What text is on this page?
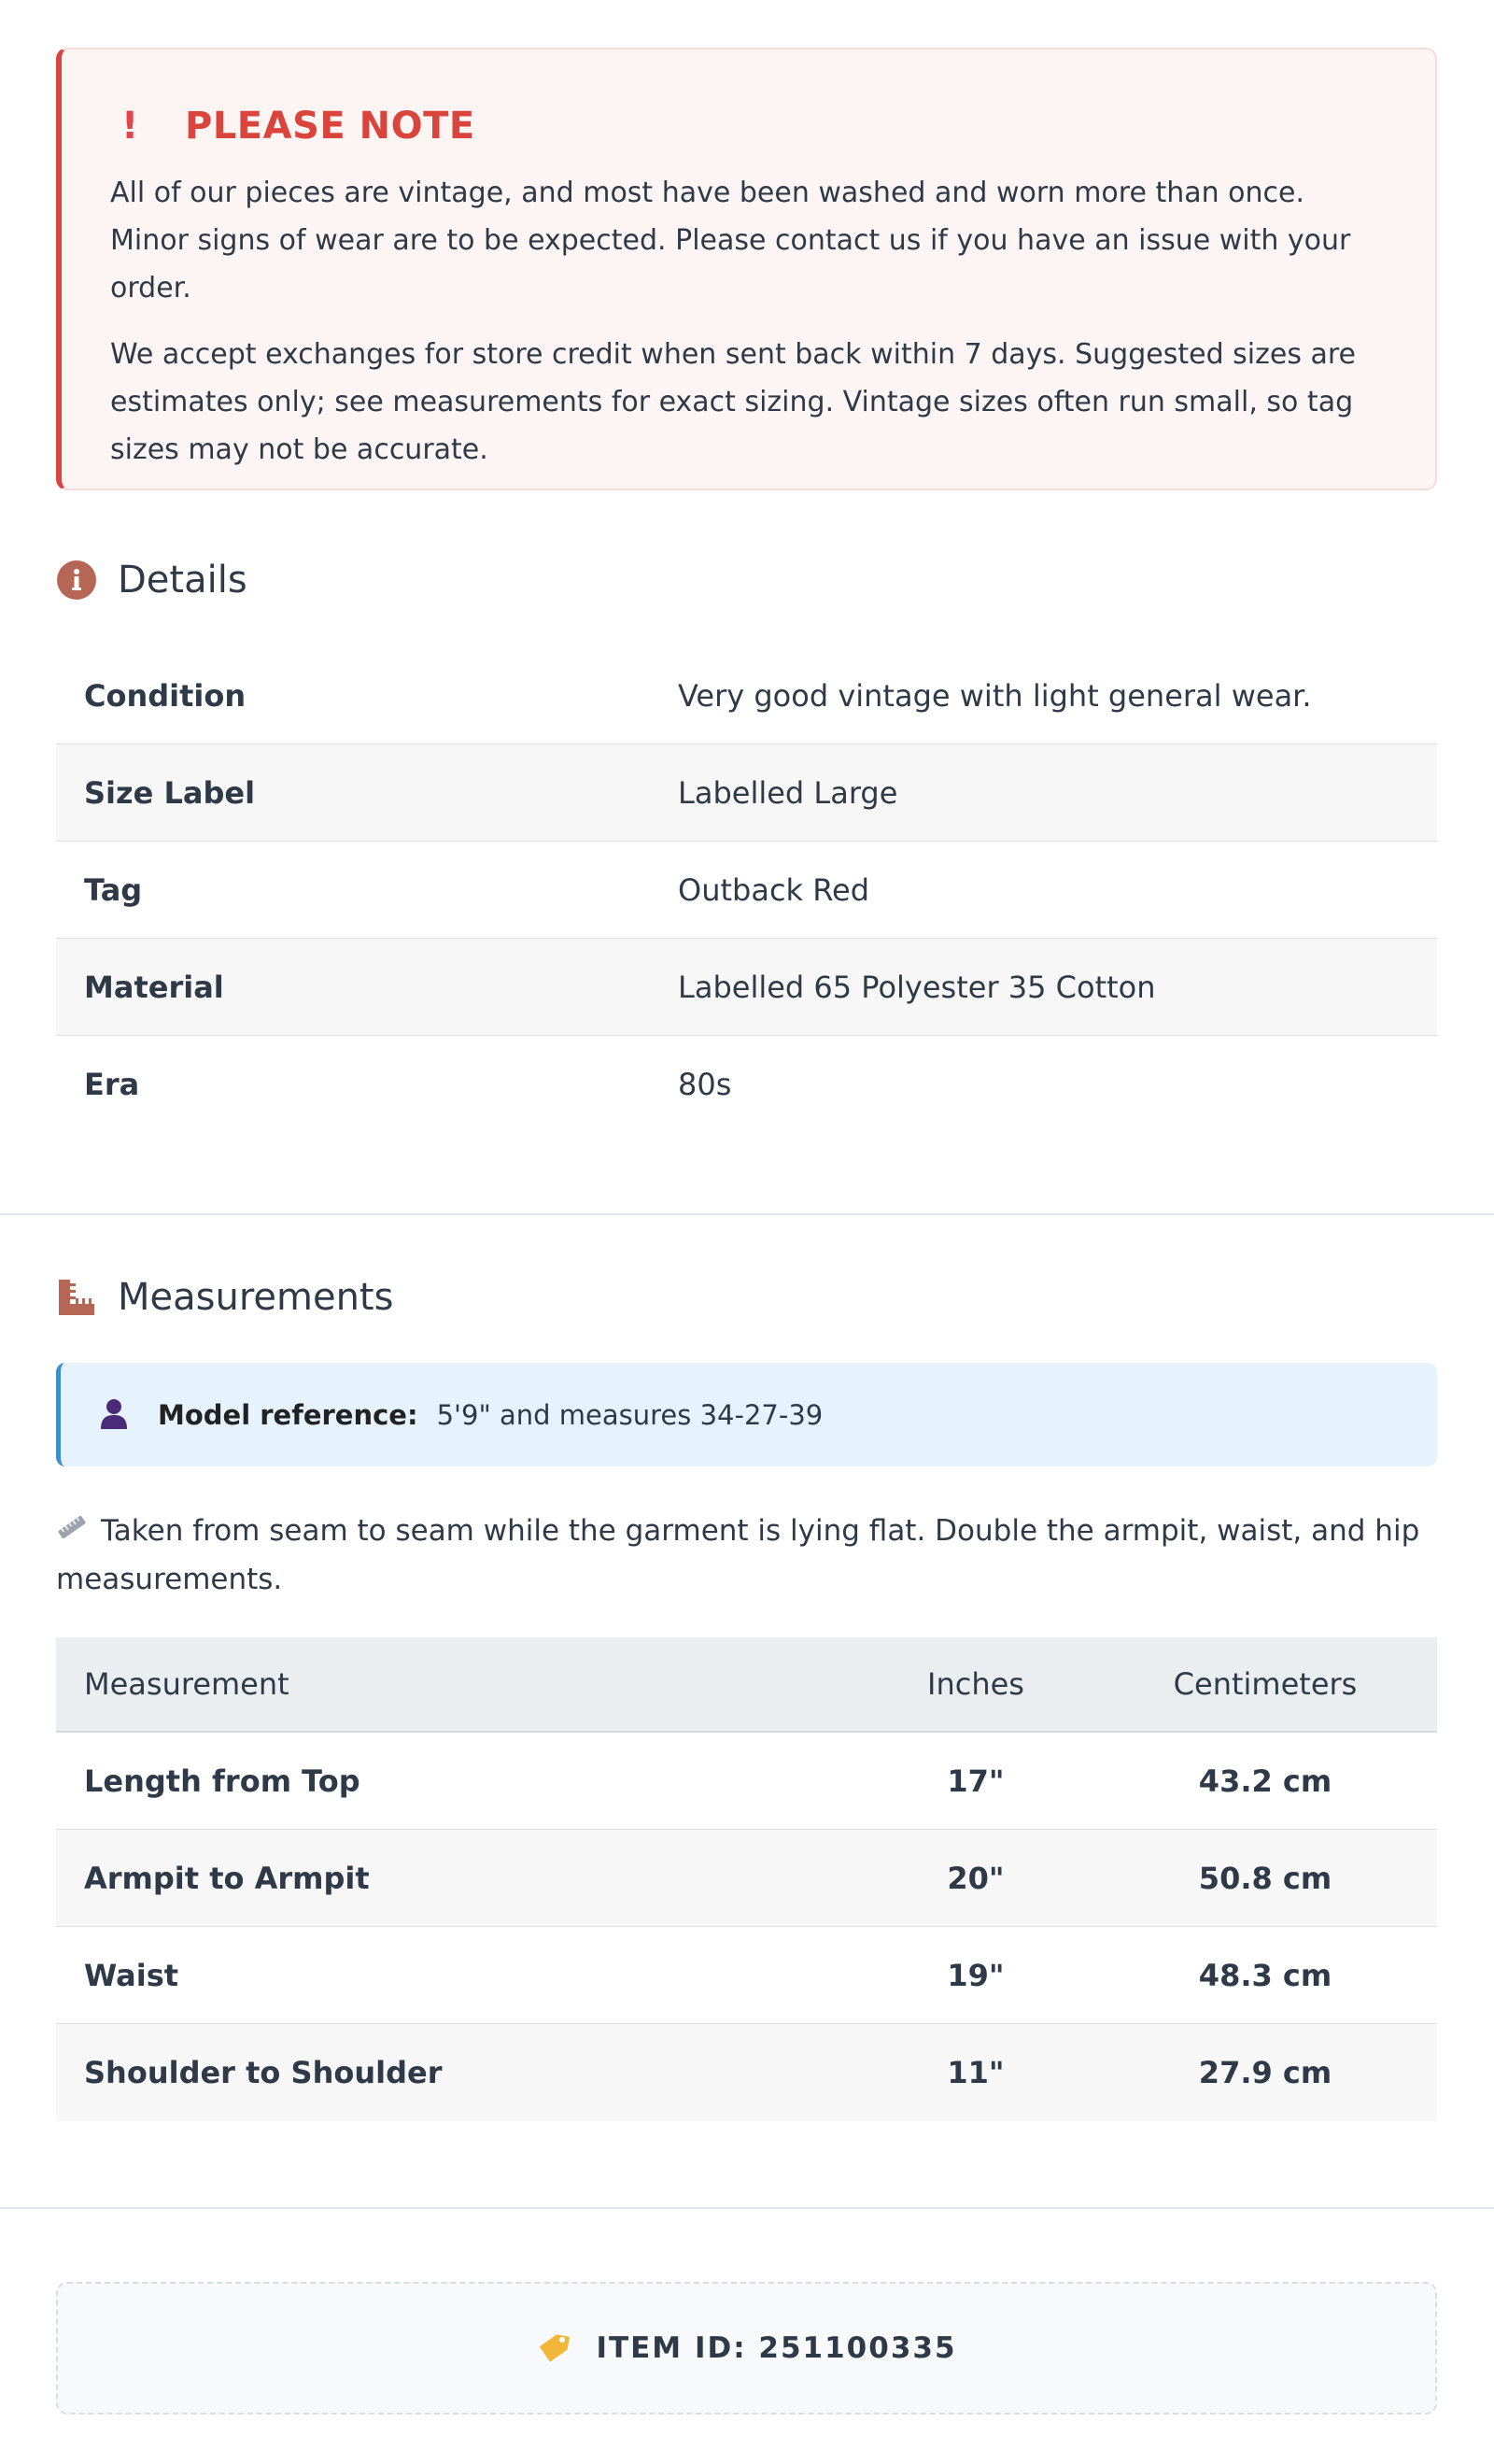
!	PLEASE NOTE

All of our pieces are vintage, and most have been washed and worn more than once. Minor signs of wear are to be expected. Please contact us if you have an issue with your order.

We accept exchanges for store credit when sent back within 7 days. Suggested sizes are estimates only; see measurements for exact sizing. Vintage sizes often run small, so tag sizes may not be accurate.

Details
Condition	Very good vintage with light general wear.
Size Label	Labelled Large
Tag	Outback Red
Material	Labelled 65 Polyester 35 Cotton
Era	80s
Measurements
Model reference: 5'9" and measures 34-27-39
Taken from seam to seam while the garment is lying flat. Double the armpit, waist, and hip measurements.
Measurement	Inches	Centimeters
Length from Top	17"	43.2 cm
Armpit to Armpit	20"	50.8 cm
Waist	19"	48.3 cm
Shoulder to Shoulder	11"	27.9 cm
ITEM ID: 251100335
